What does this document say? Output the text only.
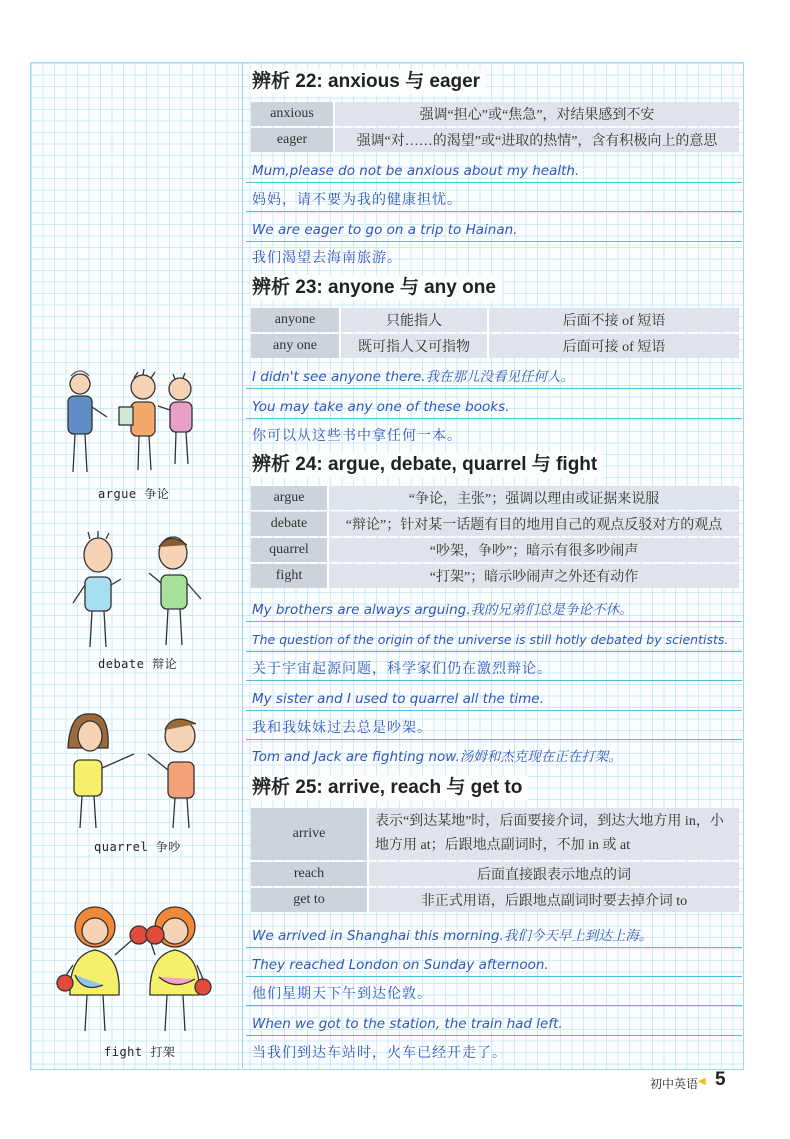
辨析 22: anxious 与 eager
anxious	强调“担心”或“焦急”，对结果感到不安
eager	强调“对……的渴望”或“进取的热情”，含有积极向上的意思
Mum,please do not be anxious about my health.
妈妈，请不要为我的健康担忧。
We are eager to go on a trip to Hainan.
我们渴望去海南旅游。
辨析 23: anyone 与 any one
anyone	只能指人	后面不接 of 短语
any one	既可指人又可指物	后面可接 of 短语
I didn't see anyone there.我在那儿没看见任何人。
You may take any one of these books.
你可以从这些书中拿任何一本。
辨析 24: argue, debate, quarrel 与 fight
argue	“争论，主张”；强调以理由或证据来说服
debate	“辩论”；针对某一话题有目的地用自己的观点反驳对方的观点
quarrel	“吵架，争吵”；暗示有很多吵闹声
fight	“打架”；暗示吵闹声之外还有动作
My brothers are always arguing.我的兄弟们总是争论不休。
The question of the origin of the universe is still hotly debated by scientists.
关于宇宙起源问题，科学家们仍在激烈辩论。
My sister and I used to quarrel all the time.
我和我妹妹过去总是吵架。
Tom and Jack are fighting now.汤姆和杰克现在正在打架。
辨析 25: arrive, reach 与 get to
arrive	表示“到达某地”时，后面要接介词，到达大地方用 in，小地方用 at；后跟地点副词时，不加 in 或 at
reach	后面直接跟表示地点的词
get to	非正式用语，后跟地点副词时要去掉介词 to
We arrived in Shanghai this morning.我们今天早上到达上海。
They reached London on Sunday afternoon.
他们星期天下午到达伦敦。
When we got to the station, the train had left.
当我们到达车站时，火车已经开走了。
argue 争论
debate 辩论
quarrel 争吵
fight 打架
初中英语 ◀ 5
